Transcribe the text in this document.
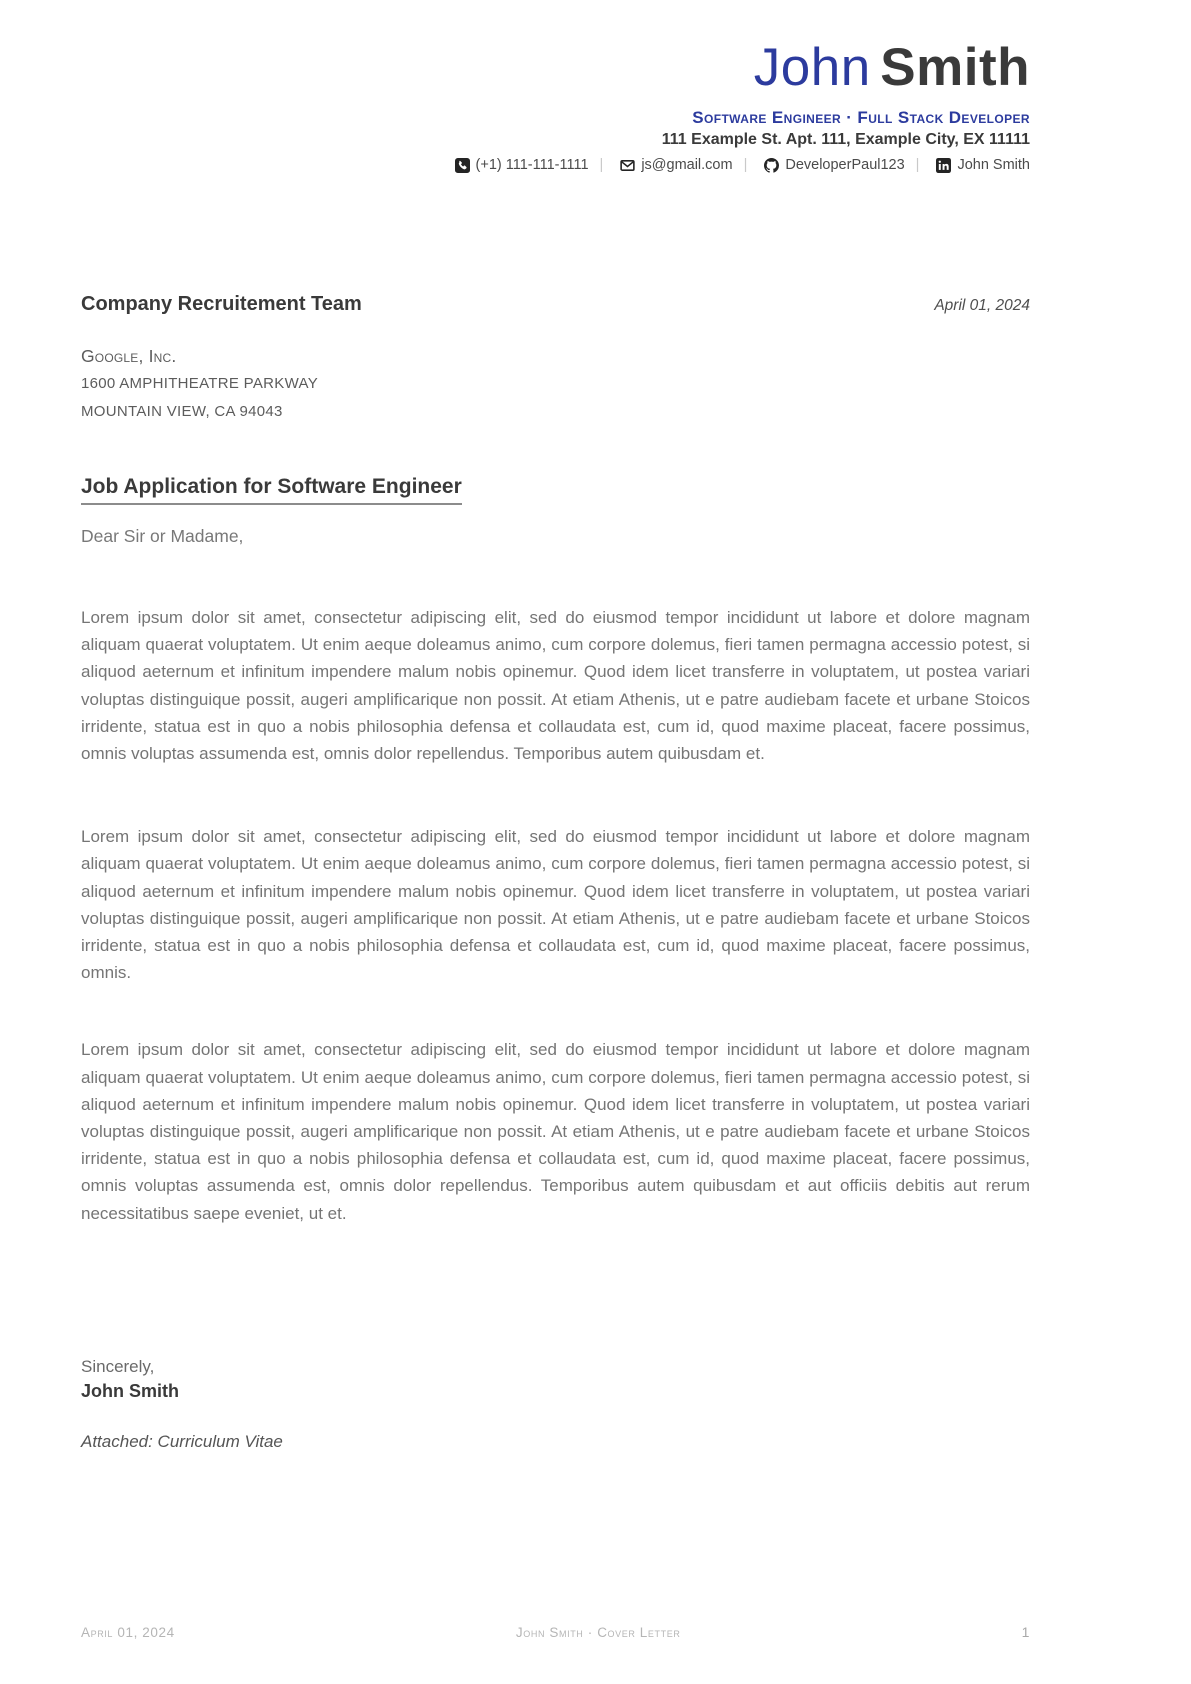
John Smith
Software Engineer · Full Stack Developer
111 Example St. Apt. 111, Example City, EX 11111
(+1) 111-111-1111	| js@gmail.com	| DeveloperPaul123	| John Smith
Company Recruitement Team	April 01, 2024
Google, Inc.
1600 AMPHITHEATRE PARKWAY
MOUNTAIN VIEW, CA 94043
Job Application for Software Engineer
Dear Sir or Madame,

Lorem ipsum dolor sit amet, consectetur adipiscing elit, sed do eiusmod tempor incididunt ut labore et dolore magnam aliquam quaerat voluptatem. Ut enim aeque doleamus animo, cum corpore dolemus, fieri tamen permagna accessio potest, si aliquod aeternum et infinitum impendere malum nobis opinemur. Quod idem licet transferre in voluptatem, ut postea variari voluptas distinguique possit, augeri amplificarique non possit. At etiam Athenis, ut e patre audiebam facete et urbane Stoicos irridente, statua est in quo a nobis philosophia defensa et collaudata est, cum id, quod maxime placeat, facere possimus, omnis voluptas assumenda est, omnis dolor repellendus. Temporibus autem quibusdam et.

Lorem ipsum dolor sit amet, consectetur adipiscing elit, sed do eiusmod tempor incididunt ut labore et dolore magnam aliquam quaerat voluptatem. Ut enim aeque doleamus animo, cum corpore dolemus, fieri tamen permagna accessio potest, si aliquod aeternum et infinitum impendere malum nobis opinemur. Quod idem licet transferre in voluptatem, ut postea variari voluptas distinguique possit, augeri amplificarique non possit. At etiam Athenis, ut e patre audiebam facete et urbane Stoicos irridente, statua est in quo a nobis philosophia defensa et collaudata est, cum id, quod maxime placeat, facere possimus, omnis.

Lorem ipsum dolor sit amet, consectetur adipiscing elit, sed do eiusmod tempor incididunt ut labore et dolore magnam aliquam quaerat voluptatem. Ut enim aeque doleamus animo, cum corpore dolemus, fieri tamen permagna accessio potest, si aliquod aeternum et infinitum impendere malum nobis opinemur. Quod idem licet transferre in voluptatem, ut postea variari voluptas distinguique possit, augeri amplificarique non possit. At etiam Athenis, ut e patre audiebam facete et urbane Stoicos irridente, statua est in quo a nobis philosophia defensa et collaudata est, cum id, quod maxime placeat, facere possimus, omnis voluptas assumenda est, omnis dolor repellendus. Temporibus autem quibusdam et aut officiis debitis aut rerum necessitatibus saepe eveniet, ut et.

Sincerely,
John Smith
Attached: Curriculum Vitae
April 01, 2024	John Smith · Cover Letter	1
